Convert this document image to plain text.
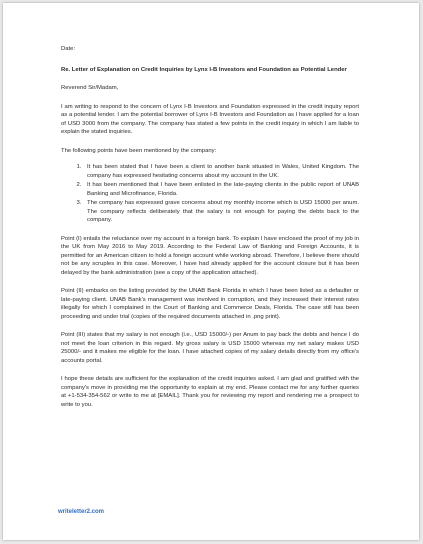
Date:
Re. Letter of Explanation on Credit Inquiries by Lynx I-B Investors and Foundation as Potential Lender
Reverend Sir/Madam,

I am writing to respond to the concern of Lynx I-B Investors and Foundation expressed in the credit inquiry report as a potential lender. I am the potential borrower of Lynx I-B Investors and Foundation as I have applied for a loan of USD 3000 from the company. The company has stated a few points in the credit inquiry in which I am liable to explain the stated inquiries.

The following points have been mentioned by the company:

1. It has been stated that I have been a client to another bank situated in Wales, United Kingdom. The company has expressed hesitating concerns about my account in the UK.
2. It has been mentioned that I have been enlisted in the late-paying clients in the public report of UNAB Banking and Microfinance, Florida.
3. The company has expressed grave concerns about my monthly income which is USD 15000 per anum. The company reflects deliberately that the salary is not enough for paying the debts back to the company.

Point (I) entails the reluctance over my account in a foreign bank. To explain I have enclosed the proof of my job in the UK from May 2016 to May 2019. According to the Federal Law of Banking and Foreign Accounts, it is permitted for an American citizen to hold a foreign account while working abroad. Therefore, I believe there should not be any scruples in this case. Moreover, I have had already applied for the account closure but it has been delayed by the bank administration (see a copy of the application attached).

Point (II) embarks on the listing provided by the UNAB Bank Florida in which I have been listed as a defaulter or late-paying client. UNAB Bank's management was involved in corruption, and they increased their interest rates illegally for which I complained in the Court of Banking and Commerce Deals, Florida. The case still has been proceeding and under trial (copies of the required documents attached in .png print).

Point (III) states that my salary is not enough (i.e., USD 15000/-) per Anum to pay back the debts and hence I do not meet the loan criterion in this regard. My gross salary is USD 15000 whereas my net salary makes USD 25000/- and it makes me eligible for the loan. I have attached copies of my salary details directly from my office's accounts portal.

I hope these details are sufficient for the explanation of the credit inquiries asked. I am glad and gratified with the company's move in providing me the opportunity to explain at my end. Please contact me for any further queries at +1-534-354-562 or write to me at [EMAIL]. Thank you for reviewing my report and rendering me a prospect to write to you.

writeletter2.com
